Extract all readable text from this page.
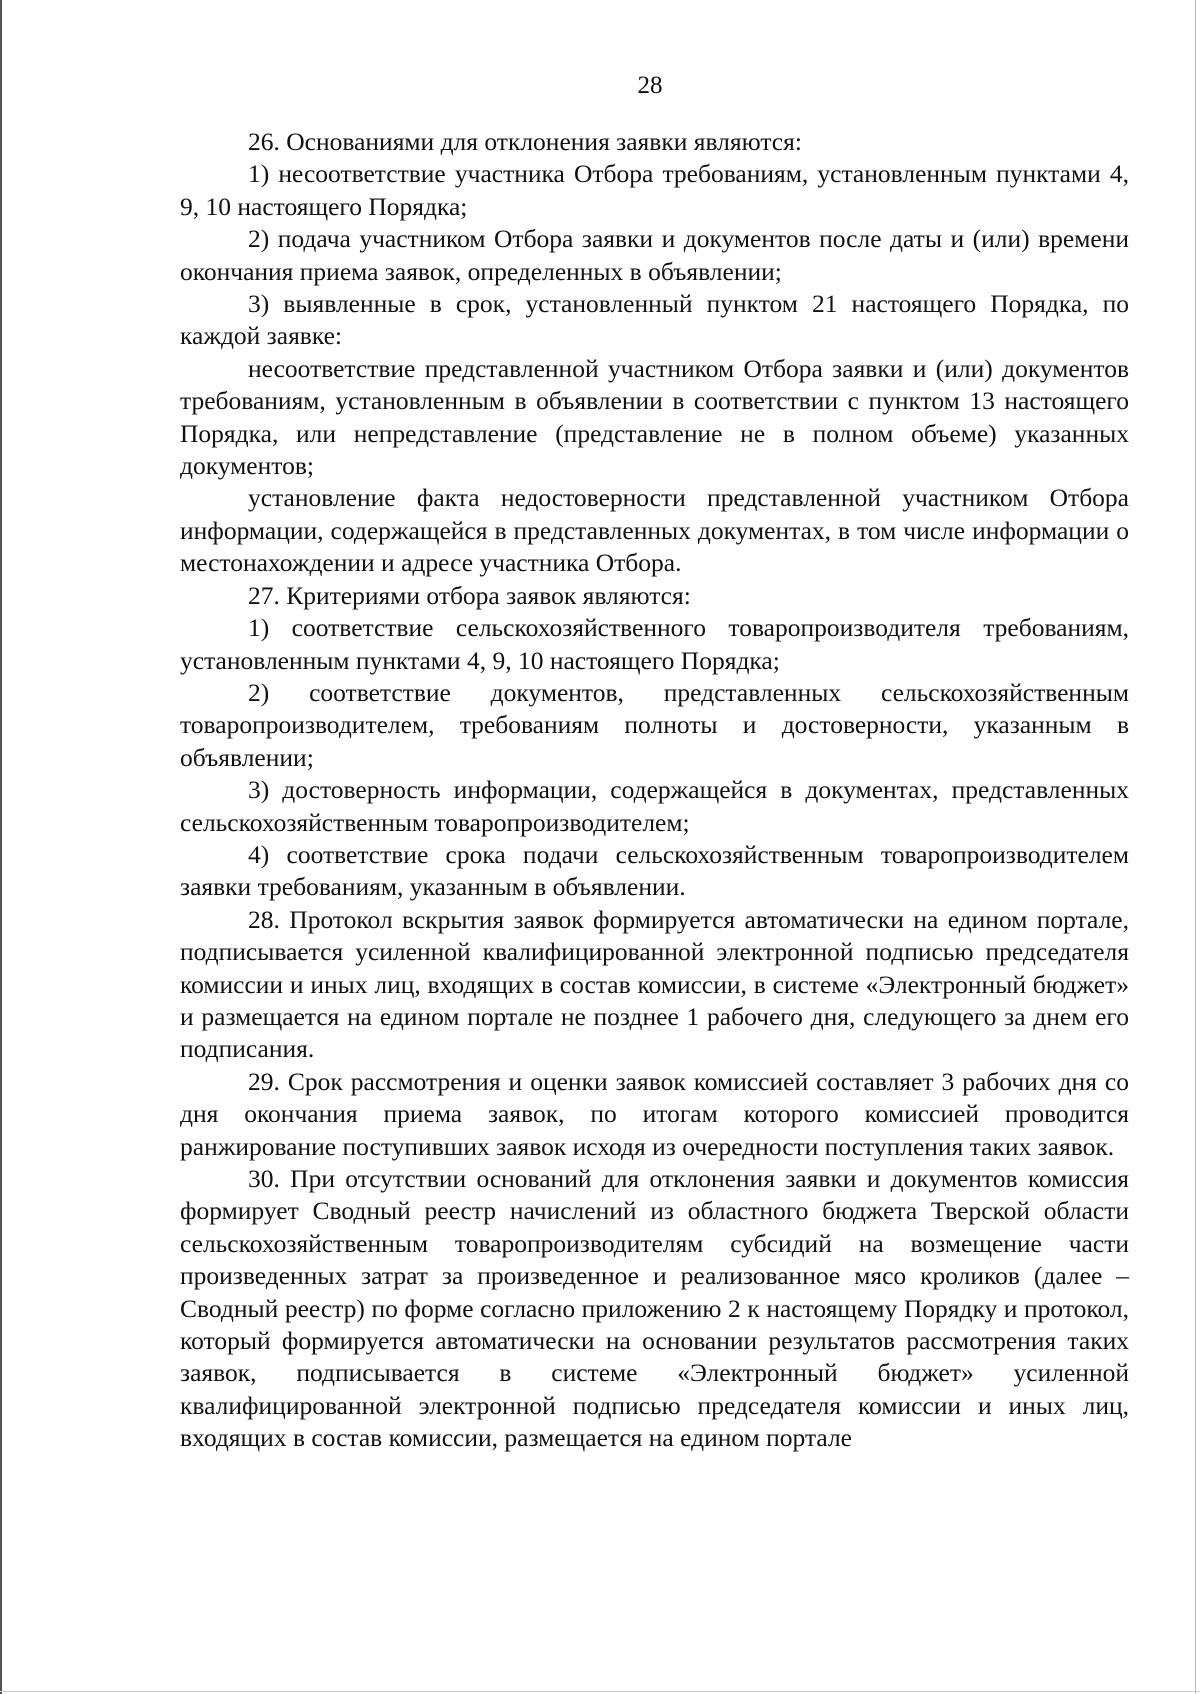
28

26. Основаниями для отклонения заявки являются:

1) несоответствие участника Отбора требованиям, установленным пунктами 4, 9, 10 настоящего Порядка;

2) подача участником Отбора заявки и документов после даты и (или) времени окончания приема заявок, определенных в объявлении;

3) выявленные в срок, установленный пунктом 21 настоящего Порядка, по каждой заявке:

несоответствие представленной участником Отбора заявки и (или) документов требованиям, установленным в объявлении в соответствии с пунктом 13 настоящего Порядка, или непредставление (представление не в полном объеме) указанных документов;

установление факта недостоверности представленной участником Отбора информации, содержащейся в представленных документах, в том числе информации о местонахождении и адресе участника Отбора.

27. Критериями отбора заявок являются:

1) соответствие сельскохозяйственного товаропроизводителя требованиям, установленным пунктами 4, 9, 10 настоящего Порядка;

2) соответствие документов, представленных сельскохозяйственным товаропроизводителем, требованиям полноты и достоверности, указанным в объявлении;

3) достоверность информации, содержащейся в документах, представленных сельскохозяйственным товаропроизводителем;

4) соответствие срока подачи сельскохозяйственным товаропроизводителем заявки требованиям, указанным в объявлении.

28. Протокол вскрытия заявок формируется автоматически на едином портале, подписывается усиленной квалифицированной электронной подписью председателя комиссии и иных лиц, входящих в состав комиссии, в системе «Электронный бюджет» и размещается на едином портале не позднее 1 рабочего дня, следующего за днем его подписания.

29. Срок рассмотрения и оценки заявок комиссией составляет 3 рабочих дня со дня окончания приема заявок, по итогам которого комиссией проводится ранжирование поступивших заявок исходя из очередности поступления таких заявок.

30. При отсутствии оснований для отклонения заявки и документов комиссия формирует Сводный реестр начислений из областного бюджета Тверской области сельскохозяйственным товаропроизводителям субсидий на возмещение части произведенных затрат за произведенное и реализованное мясо кроликов (далее – Сводный реестр) по форме согласно приложению 2 к настоящему Порядку и протокол, который формируется автоматически на основании результатов рассмотрения таких заявок, подписывается в системе «Электронный бюджет» усиленной квалифицированной электронной подписью председателя комиссии и иных лиц, входящих в состав комиссии, размещается на едином портале
